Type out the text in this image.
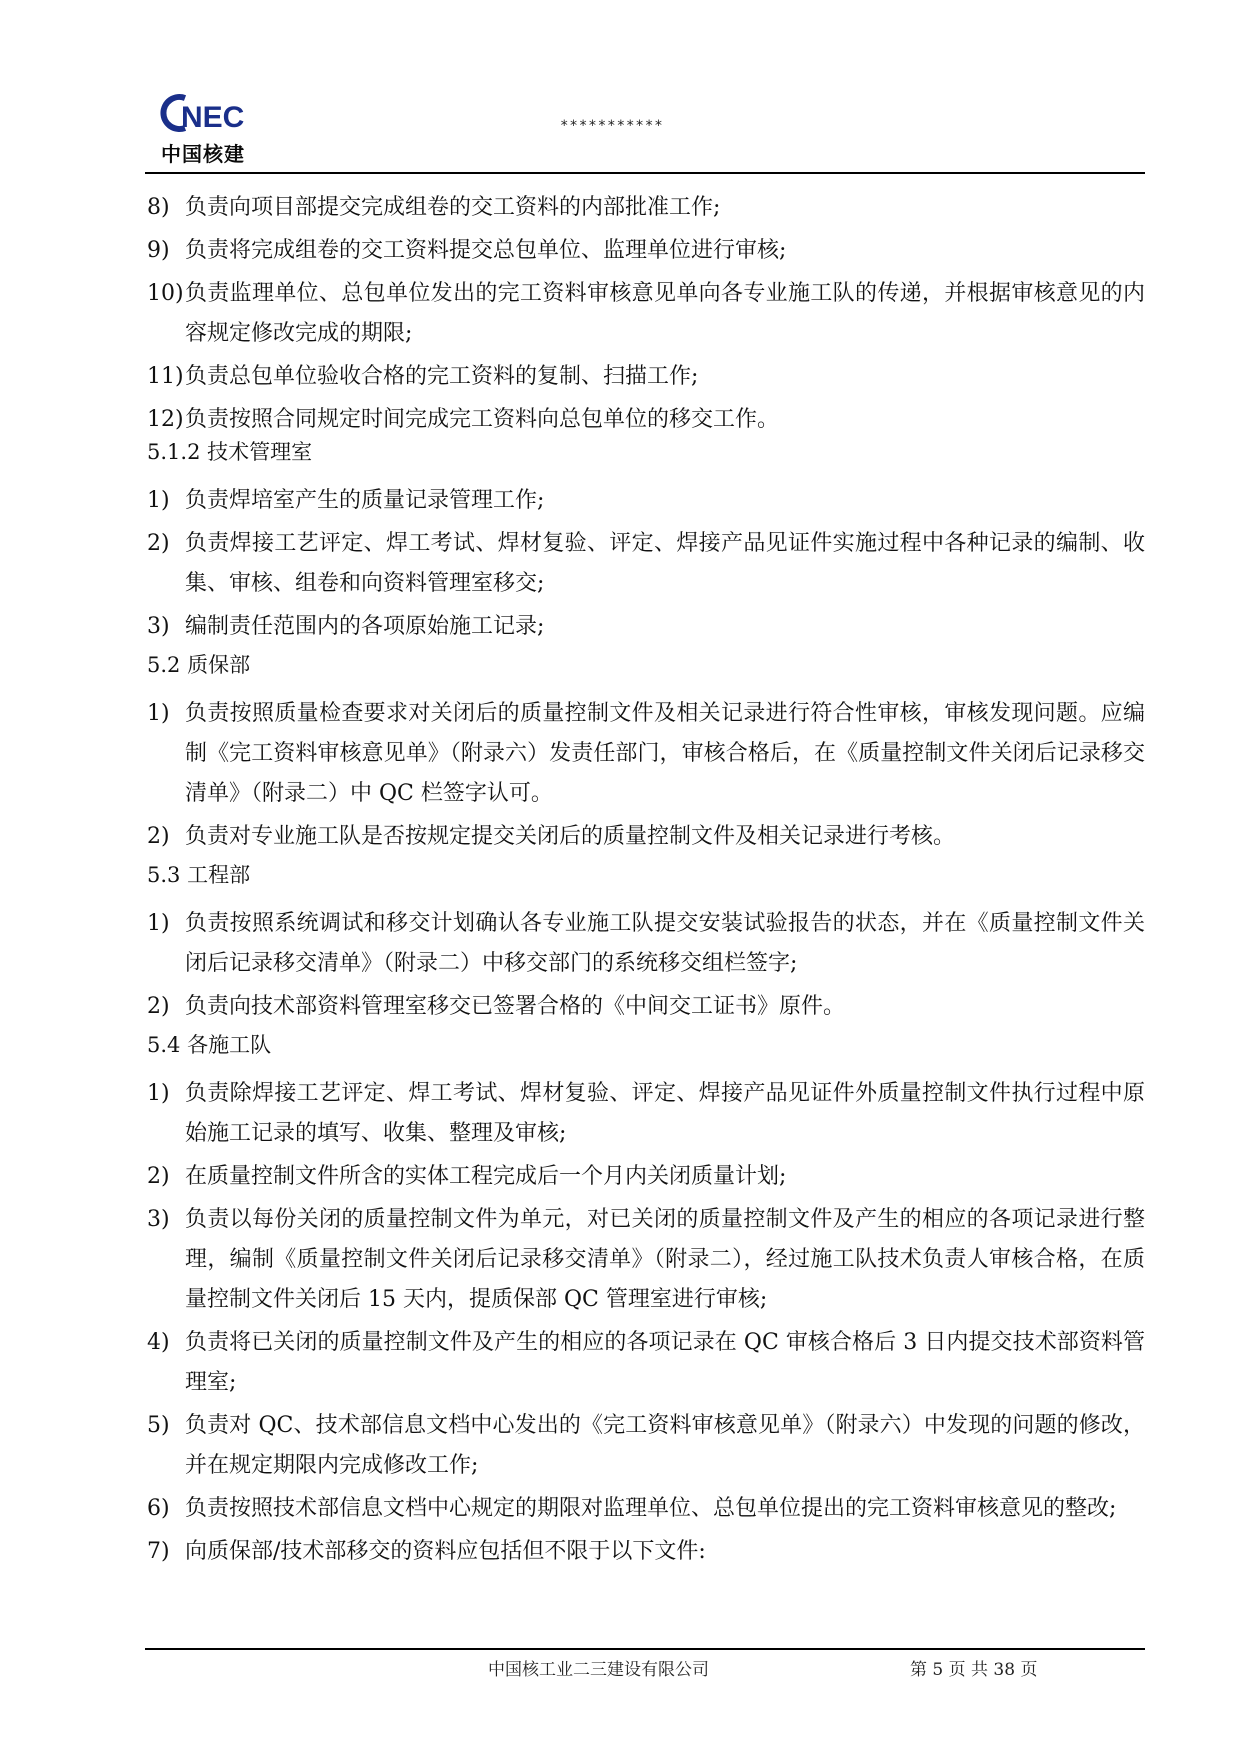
NEC
中国核建
***********
8) 负责向项目部提交完成组卷的交工资料的内部批准工作;
9) 负责将完成组卷的交工资料提交总包单位、监理单位进行审核;
10) 负责监理单位、总包单位发出的完工资料审核意见单向各专业施工队的传递，并根据审核意见的内容规定修改完成的期限;
11) 负责总包单位验收合格的完工资料的复制、扫描工作;
12) 负责按照合同规定时间完成完工资料向总包单位的移交工作。
5.1.2 技术管理室
1) 负责焊培室产生的质量记录管理工作;
2) 负责焊接工艺评定、焊工考试、焊材复验、评定、焊接产品见证件实施过程中各种记录的编制、收集、审核、组卷和向资料管理室移交;
3) 编制责任范围内的各项原始施工记录;
5.2 质保部
1) 负责按照质量检查要求对关闭后的质量控制文件及相关记录进行符合性审核，审核发现问题。应编制《完工资料审核意见单》（附录六）发责任部门，审核合格后，在《质量控制文件关闭后记录移交清单》（附录二）中 QC 栏签字认可。
2) 负责对专业施工队是否按规定提交关闭后的质量控制文件及相关记录进行考核。
5.3 工程部
1) 负责按照系统调试和移交计划确认各专业施工队提交安装试验报告的状态，并在《质量控制文件关闭后记录移交清单》（附录二）中移交部门的系统移交组栏签字;
2) 负责向技术部资料管理室移交已签署合格的《中间交工证书》原件。
5.4 各施工队
1) 负责除焊接工艺评定、焊工考试、焊材复验、评定、焊接产品见证件外质量控制文件执行过程中原始施工记录的填写、收集、整理及审核;
2) 在质量控制文件所含的实体工程完成后一个月内关闭质量计划;
3) 负责以每份关闭的质量控制文件为单元，对已关闭的质量控制文件及产生的相应的各项记录进行整理，编制《质量控制文件关闭后记录移交清单》（附录二），经过施工队技术负责人审核合格，在质量控制文件关闭后 15 天内，提质保部 QC 管理室进行审核;
4) 负责将已关闭的质量控制文件及产生的相应的各项记录在 QC 审核合格后 3 日内提交技术部资料管理室;
5) 负责对 QC、技术部信息文档中心发出的《完工资料审核意见单》（附录六）中发现的问题的修改，并在规定期限内完成修改工作;
6) 负责按照技术部信息文档中心规定的期限对监理单位、总包单位提出的完工资料审核意见的整改;
7) 向质保部/技术部移交的资料应包括但不限于以下文件:
中国核工业二三建设有限公司	第 5 页 共 38 页
